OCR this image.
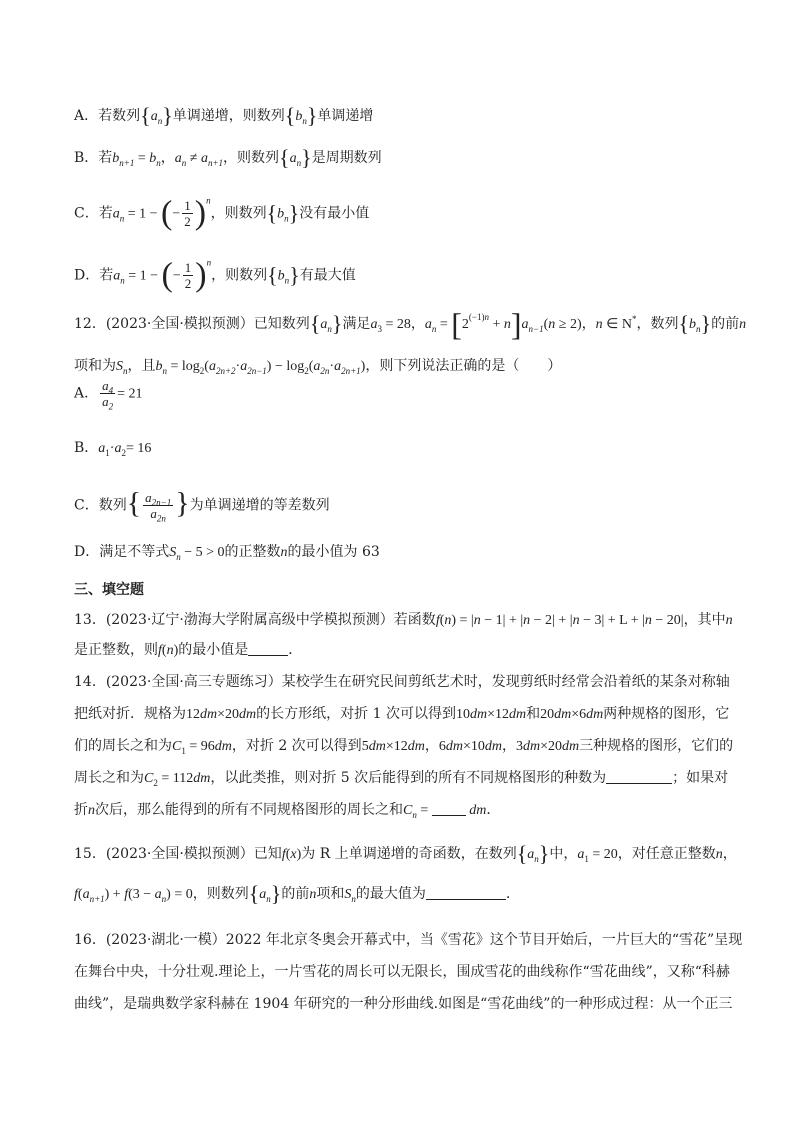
A．若数列$\{a_n\}$单调递增，则数列$\{b_n\}$单调递增
B．若$b_{n+1} = b_n$，$a_n \ne a_{n+1}$，则数列$\{a_n\}$是周期数列
C．若$a_n = 1$ − (− $\frac{1}{2} )^n$，则数列$\{b_n\}$没有最小值
D．若$a_n = 1$ − (− $\frac{1}{2} )^n$，则数列$\{b_n\}$有最大值
12．(2023·全国·模拟预测）已知数列$\{a_n\}$满足$a_3 = 28$，$a_n = [2^{(-1)n} + n]a_{n-1}(n \ge 2)$，n ∈ N*，数列$\{b_n\}$的前n
项和为$S_n$，且$b_n = \log_2(a_{2n+2}\cdot a_{2n-1}) - \log_2(a_{2n}\cdot a_{2n+1})$，则下列说法正确的是（　　）
A． $\frac{a_4}{a_2} = 21$
B．$a_1\cdot a_2= 16$
C．数列{ $\frac{a_{2n-1}}{a_{2n}}$ }为单调递增的等差数列
D．满足不等式$S_n - 5 > 0$的正整数n的最小值为 63
三、填空题
13．(2023·辽宁·渤海大学附属高级中学模拟预测）若函数f(n) = |n − 1| + |n − 2| + |n − 3| + L + |n − 20|，其中n
是正整数，则f(n)的最小值是	．
14．(2023·全国·高三专题练习）某校学生在研究民间剪纸艺术时，发现剪纸时经常会沿着纸的某条对称轴
把纸对折．规格为12dm×20dm的长方形纸，对折 1 次可以得到10dm×12dm和20dm×6dm两种规格的图形，它
们的周长之和为$C_1 = 96dm$，对折 2 次可以得到5dm×12dm，6dm×10dm，3dm×20dm三种规格的图形，它们的
周长之和为$C_2 = 112dm$，以此类推，则对折 5 次后能得到的所有不同规格图形的种数为	；如果对
折n次后，那么能得到的所有不同规格图形的周长之和$C_n$ =  dm．
15．(2023·全国·模拟预测）已知f(x)为 R 上单调递增的奇函数，在数列$\{a_n\}$中，$a_1 = 20$，对任意正整数n，
$f(a_{n+1}) + f(3 - a_n) = 0$，则数列$\{a_n\}$的前n项和$S_n$的最大值为	.
16．(2023·湖北·一模）2022 年北京冬奥会开幕式中，当《雪花》这个节目开始后，一片巨大的“雪花”呈现
在舞台中央，十分壮观.理论上，一片雪花的周长可以无限长，围成雪花的曲线称作“雪花曲线”，又称“科赫
曲线”，是瑞典数学家科赫在 1904 年研究的一种分形曲线.如图是“雪花曲线”的一种形成过程：从一个正三
